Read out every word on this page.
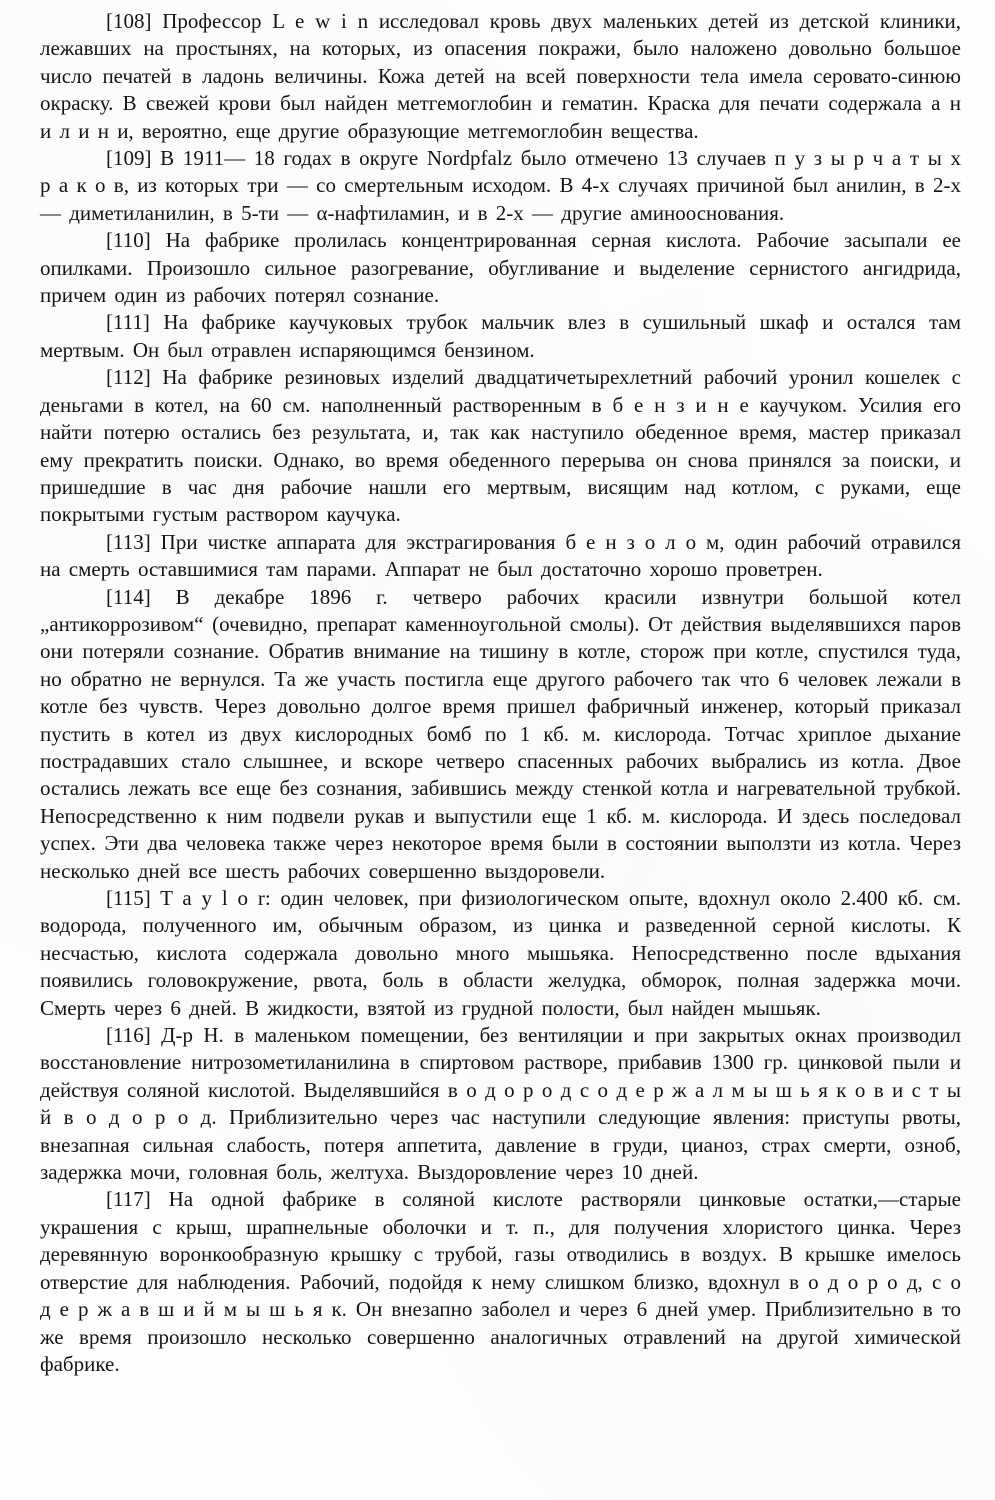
[108] Профессор L e w i n исследовал кровь двух маленьких детей из детской клиники, лежавших на простынях, на которых, из опасения покражи, было наложено довольно большое число печатей в ладонь величины. Кожа детей на всей поверхности тела имела серовато-синюю окраску. В свежей крови был найден метгемоглобин и гематин. Краска для печати содержала а н и л и н и, вероятно, еще другие образующие метгемоглобин вещества.

[109] В 1911— 18 годах в округе Nordpfalz было отмечено 13 случаев п у з ы р ч а т ы х р а к о в, из которых три — со смертельным исходом. В 4-х случаях причиной был анилин, в 2-х — диметиланилин, в 5-ти — α-нафтиламин, и в 2-х — другие аминооснования.

[110] На фабрике пролилась концентрированная серная кислота. Рабочие засыпали ее опилками. Произошло сильное разогревание, обугливание и выделение сернистого ангидрида, причем один из рабочих потерял сознание.

[111] На фабрике каучуковых трубок мальчик влез в сушильный шкаф и остался там мертвым. Он был отравлен испаряющимся бензином.

[112] На фабрике резиновых изделий двадцатичетырехлетний рабочий уронил кошелек с деньгами в котел, на 60 см. наполненный растворенным в б е н з и н е каучуком. Усилия его найти потерю остались без результата, и, так как наступило обеденное время, мастер приказал ему прекратить поиски. Однако, во время обеденного перерыва он снова принялся за поиски, и пришедшие в час дня рабочие нашли его мертвым, висящим над котлом, с руками, еще покрытыми густым раствором каучука.

[113] При чистке аппарата для экстрагирования б е н з о л о м, один рабочий отравился на смерть оставшимися там парами. Аппарат не был достаточно хорошо проветрен.

[114] В декабре 1896 г. четверо рабочих красили извнутри большой котел „антикоррозивом“ (очевидно, препарат каменноугольной смолы). От действия выделявшихся паров они потеряли сознание. Обратив внимание на тишину в котле, сторож при котле, спустился туда, но обратно не вернулся. Та же участь постигла еще другого рабочего так что 6 человек лежали в котле без чувств. Через довольно долгое время пришел фабричный инженер, который приказал пустить в котел из двух кислородных бомб по 1 кб. м. кислорода. Тотчас хриплое дыхание пострадавших стало слышнее, и вскоре четверо спасенных рабочих выбрались из котла. Двое остались лежать все еще без сознания, забившись между стенкой котла и нагревательной трубкой. Непосредственно к ним подвели рукав и выпустили еще 1 кб. м. кислорода. И здесь последовал успех. Эти два человека также через некоторое время были в состоянии выползти из котла. Через несколько дней все шесть рабочих совершенно выздоровели.

[115] T a y l o r: один человек, при физиологическом опыте, вдохнул около 2.400 кб. см. водорода, полученного им, обычным образом, из цинка и разведенной серной кислоты. К несчастью, кислота содержала довольно много мышьяка. Непосредственно после вдыхания появились головокружение, рвота, боль в области желудка, обморок, полная задержка мочи. Смерть через 6 дней. В жидкости, взятой из грудной полости, был найден мышьяк.

[116] Д-р Н. в маленьком помещении, без вентиляции и при закрытых окнах производил восстановление нитрозометиланилина в спиртовом растворе, прибавив 1300 гр. цинковой пыли и действуя соляной кислотой. Выделявшийся в о д о р о д с о д е р ж а л м ы ш ь я к о в и с т ы й в о д о р о д. Приблизительно через час наступили следующие явления: приступы рвоты, внезапная сильная слабость, потеря аппетита, давление в груди, цианоз, страх смерти, озноб, задержка мочи, головная боль, желтуха. Выздоровление через 10 дней.

[117] На одной фабрике в соляной кислоте растворяли цинковые остатки,—старые украшения с крыш, шрапнельные оболочки и т. п., для получения хлористого цинка. Через деревянную воронкообразную крышку с трубой, газы отводились в воздух. В крышке имелось отверстие для наблюдения. Рабочий, подойдя к нему слишком близко, вдохнул в о д о р о д, с о д е р ж а в ш и й м ы ш ь я к. Он внезапно заболел и через 6 дней умер. Приблизительно в то же время произошло несколько совершенно аналогичных отравлений на другой химической фабрике.
